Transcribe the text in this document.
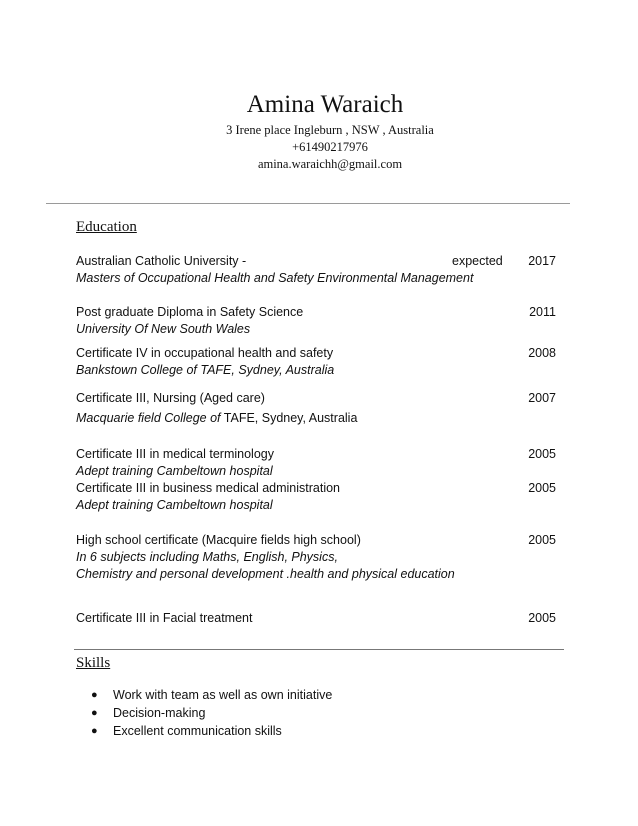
Amina Waraich
3 Irene place Ingleburn , NSW , Australia
+61490217976
amina.waraichh@gmail.com
Education
Australian Catholic University -	expected 2017
Masters of Occupational Health and Safety Environmental Management
Post graduate Diploma in Safety Science	2011
University Of New South Wales
Certificate IV in occupational health and safety	2008
Bankstown College of TAFE, Sydney, Australia
Certificate III, Nursing (Aged care)	2007
Macquarie field College of TAFE, Sydney, Australia
Certificate III in medical terminology	2005
Adept training Cambeltown hospital
Certificate III in business medical administration	2005
Adept training Cambeltown hospital
High school certificate (Macquire fields high school)	2005
In 6 subjects including Maths, English, Physics,
Chemistry and personal development .health and physical education
Certificate III in Facial treatment	2005
Skills
● Work with team as well as own initiative
● Decision-making
● Excellent communication skills
